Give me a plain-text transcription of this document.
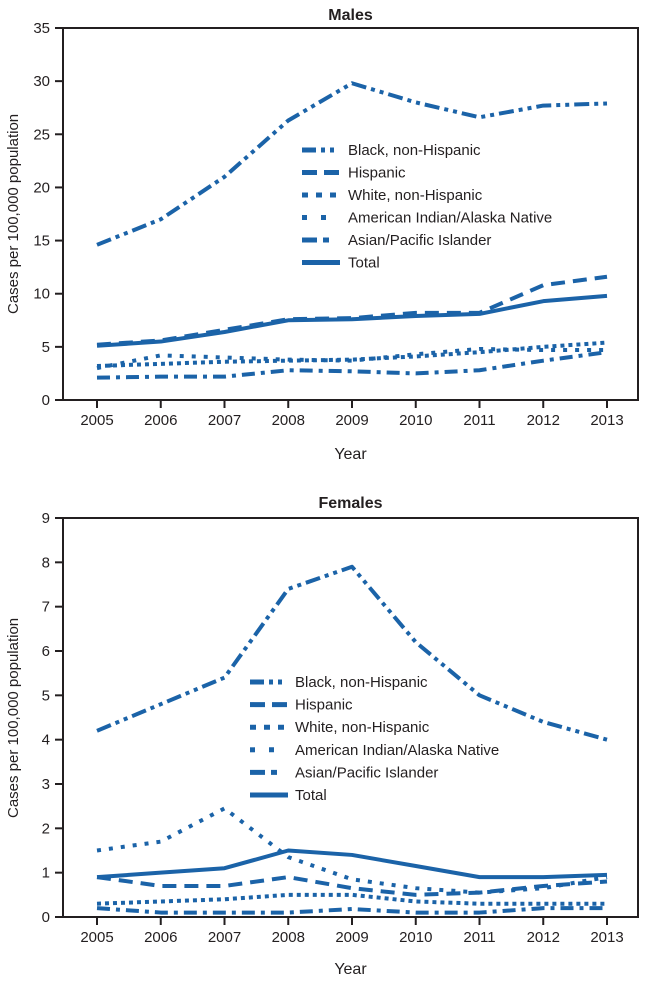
0
5
10
15
20
25
30
35
2005 2006 2007 2008 2009 2010 2011 2012 2013
Black, non-Hispanic
Hispanic
White, non-Hispanic
American Indian/Alaska Native
Asian/Pacific Islander
Total
Males
Cases per 100,000 population
Year
0
1
2
3
4
5
6
7
8
9
2005 2006 2007 2008 2009 2010 2011 2012 2013
Black, non-Hispanic
Hispanic
White, non-Hispanic
American Indian/Alaska Native
Asian/Pacific Islander
Total
Females
Cases per 100,000 population
Year
